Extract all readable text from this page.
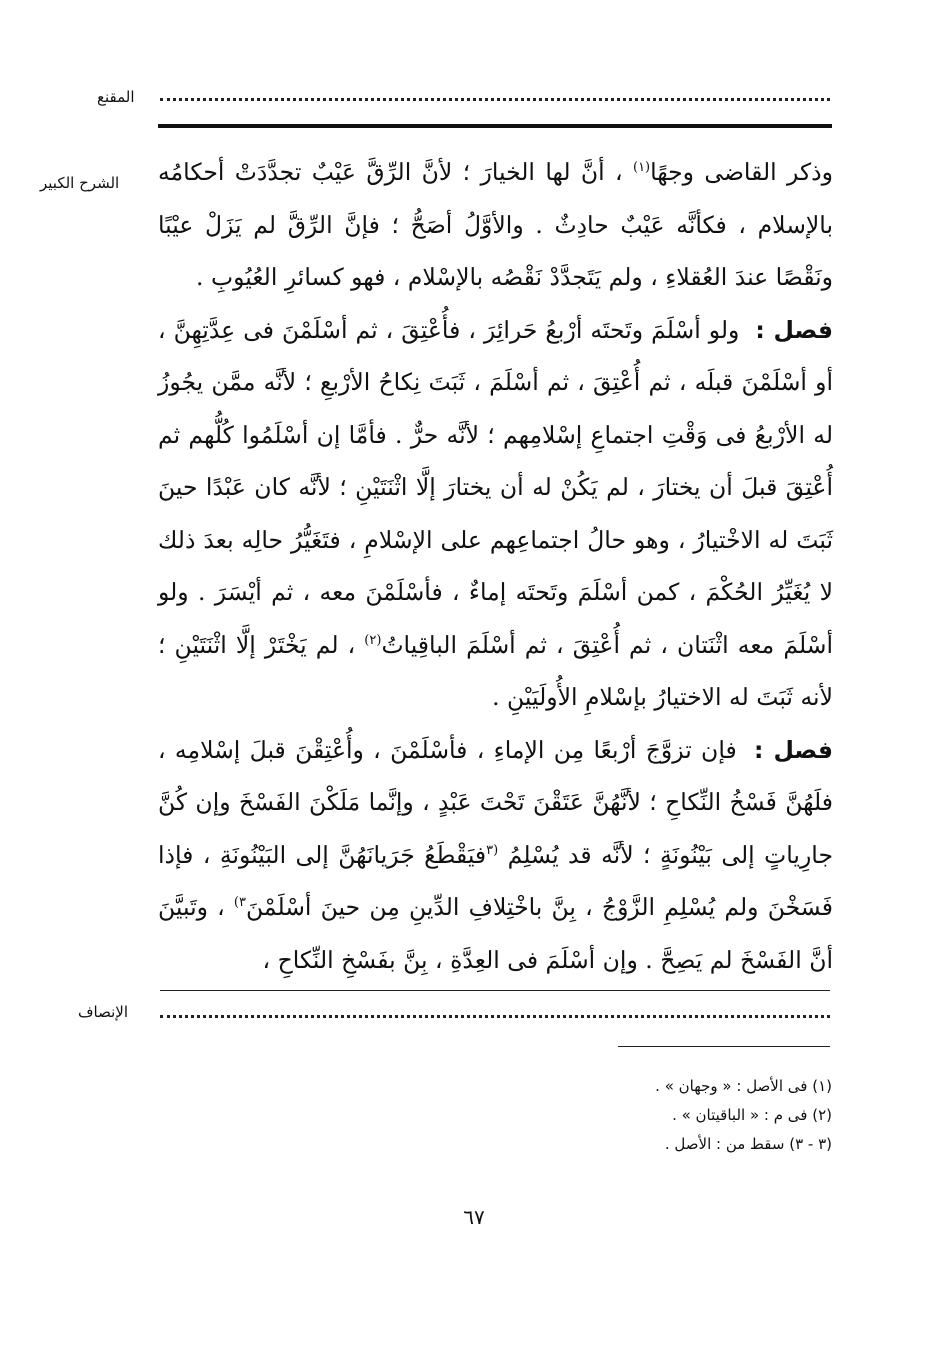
المقنع
الشرح الكبير	وذكر القاضى وجهًا$^{(١)}$ ، أنَّ لها الخيارَ ؛ لأنَّ الرِّقَّ عَيْبٌ تجدَّدَتْ أحكامُه بالإسلام ، فكأنَّه عَيْبٌ حادِثٌ . والأوَّلُ أصَحُّ ؛ فإنَّ الرِّقَّ لم يَزَلْ عيْبًا ونَقْصًا عندَ العُقلاءِ ، ولم يَتَجدَّدْ نَقْصُه بالإسْلام ، فهو كسائرِ العُيُوبِ .

فصل : ولو أسْلَمَ وتَحتَه أرْبعُ حَرائِرَ ، فأُعْتِقَ ، ثم أسْلَمْنَ فى عِدَّتِهِنَّ ، أو أسْلَمْنَ قبلَه ، ثم أُعْتِقَ ، ثم أسْلَمَ ، ثَبَتَ نِكاحُ الأرْبعِ ؛ لأنَّه ممَّن يجُوزُ له الأرْبعُ فى وَقْتِ اجتماعِ إسْلامِهم ؛ لأنَّه حرٌّ . فأمَّا إن أسْلَمُوا كُلُّهم ثم أُعْتِقَ قبلَ أن يختارَ ، لم يَكُنْ له أن يختارَ إلَّا اثْنَتَيْنِ ؛ لأنَّه كان عَبْدًا حينَ ثَبَتَ له الاخْتيارُ ، وهو حالُ اجتماعِهم على الإسْلامِ ، فتَغَيُّرُ حالِه بعدَ ذلك لا يُغَيِّرُ الحُكْمَ ، كمن أسْلَمَ وتَحتَه إماءٌ ، فأسْلَمْنَ معه ، ثم أيْسَرَ . ولو أسْلَمَ معه اثْنَتان ، ثم أُعْتِقَ ، ثم أسْلَمَ الباقِياتُ$^{(٢)}$ ، لم يَخْتَرْ إلَّا اثْنَتَيْنِ ؛ لأنه ثَبَتَ له الاختيارُ بإسْلامِ الأُولَيَيْنِ .

فصل : فإن تزوَّجَ أرْبعًا مِن الإماءِ ، فأسْلَمْنَ ، وأُعْتِقْنَ قبلَ إسْلامِه ، فلَهُنَّ فَسْخُ النِّكاحِ ؛ لأنَّهُنَّ عَتَقْنَ تَحْتَ عَبْدٍ ، وإنَّما مَلَكْنَ الفَسْخَ وإن كُنَّ جارِياتٍ إلى بَيْنُونَةٍ ؛ لأنَّه قد يُسْلِمُ $^{(٣}$فيَقْطَعُ جَرَيانَهُنَّ إلى البَيْنُونَةِ ، فإذا فَسَخْنَ ولم يُسْلِمِ الزَّوْجُ ، بِنَّ باخْتِلافِ الدِّينِ مِن حينَ أسْلَمْنَ$^{٣)}$ ، وتَبيَّنَ أنَّ الفَسْخَ لم يَصِحَّ . وإن أسْلَمَ فى العِدَّةِ ، بِنَّ بفَسْخِ النِّكاحِ ،

الإنصاف

(١) فى الأصل : « وجهان » .

(٢) فى م : « الباقيتان » .

(٣ - ٣) سقط من : الأصل .

٦٧
